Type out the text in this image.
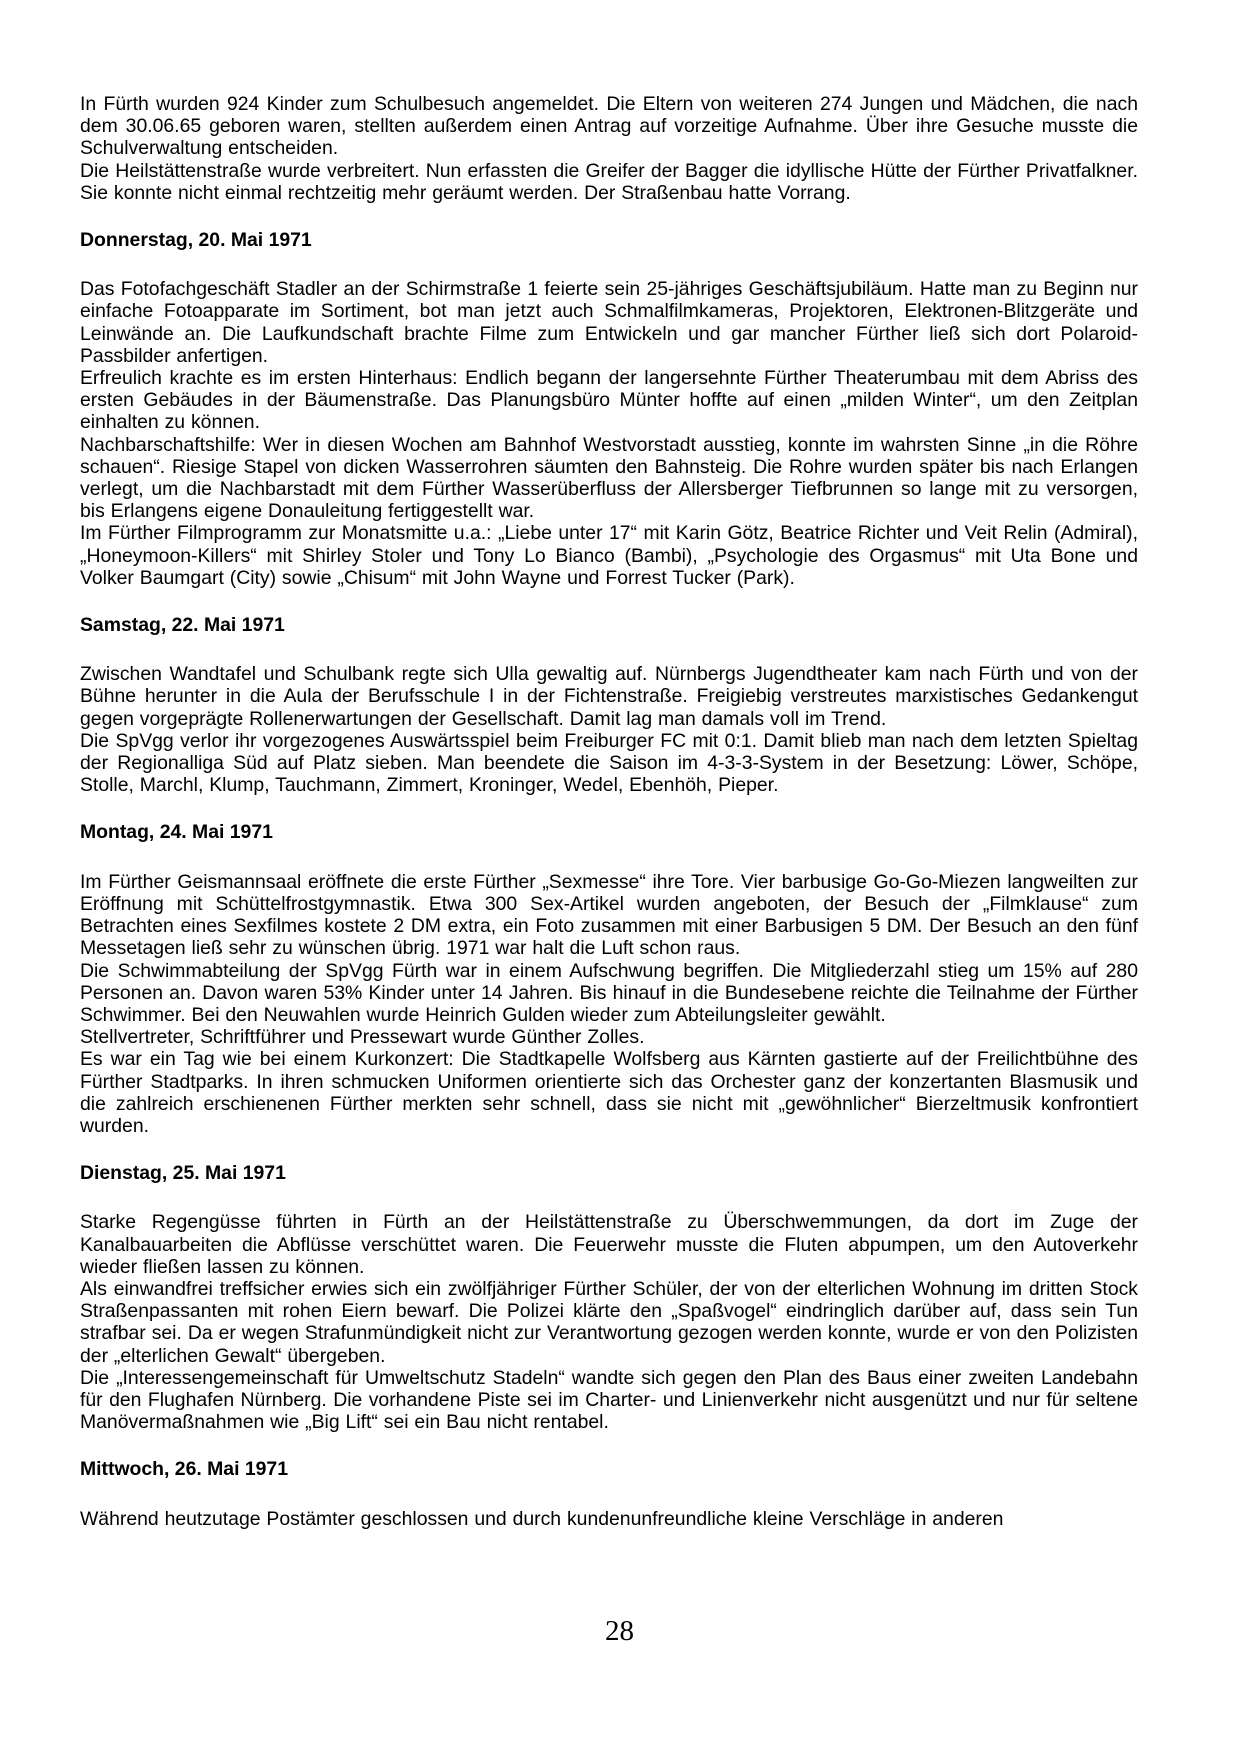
In Fürth wurden 924 Kinder zum Schulbesuch angemeldet. Die Eltern von weiteren 274 Jungen und Mädchen, die nach dem 30.06.65 geboren waren, stellten außerdem einen Antrag auf vorzeitige Aufnahme. Über ihre Gesuche musste die Schulverwaltung entscheiden.

Die Heilstättenstraße wurde verbreitert. Nun erfassten die Greifer der Bagger die idyllische Hütte der Fürther Privatfalkner. Sie konnte nicht einmal rechtzeitig mehr geräumt werden. Der Straßenbau hatte Vorrang.

Donnerstag, 20. Mai 1971

Das Fotofachgeschäft Stadler an der Schirmstraße 1 feierte sein 25-jähriges Geschäftsjubiläum. Hatte man zu Beginn nur einfache Fotoapparate im Sortiment, bot man jetzt auch Schmalfilmkameras, Projektoren, Elektronen-Blitzgeräte und Leinwände an. Die Laufkundschaft brachte Filme zum Entwickeln und gar mancher Fürther ließ sich dort Polaroid-Passbilder anfertigen.

Erfreulich krachte es im ersten Hinterhaus: Endlich begann der langersehnte Fürther Theaterumbau mit dem Abriss des ersten Gebäudes in der Bäumenstraße. Das Planungsbüro Münter hoffte auf einen „milden Winter“, um den Zeitplan einhalten zu können.

Nachbarschaftshilfe: Wer in diesen Wochen am Bahnhof Westvorstadt ausstieg, konnte im wahrsten Sinne „in die Röhre schauen“. Riesige Stapel von dicken Wasserrohren säumten den Bahnsteig. Die Rohre wurden später bis nach Erlangen verlegt, um die Nachbarstadt mit dem Fürther Wasserüberfluss der Allersberger Tiefbrunnen so lange mit zu versorgen, bis Erlangens eigene Donauleitung fertiggestellt war.

Im Fürther Filmprogramm zur Monatsmitte u.a.: „Liebe unter 17“ mit Karin Götz, Beatrice Richter und Veit Relin (Admiral), „Honeymoon-Killers“ mit Shirley Stoler und Tony Lo Bianco (Bambi), „Psychologie des Orgasmus“ mit Uta Bone und Volker Baumgart (City) sowie „Chisum“ mit John Wayne und Forrest Tucker (Park).

Samstag, 22. Mai 1971

Zwischen Wandtafel und Schulbank regte sich Ulla gewaltig auf. Nürnbergs Jugendtheater kam nach Fürth und von der Bühne herunter in die Aula der Berufsschule I in der Fichtenstraße. Freigiebig verstreutes marxistisches Gedankengut gegen vorgeprägte Rollenerwartungen der Gesellschaft. Damit lag man damals voll im Trend.

Die SpVgg verlor ihr vorgezogenes Auswärtsspiel beim Freiburger FC mit 0:1. Damit blieb man nach dem letzten Spieltag der Regionalliga Süd auf Platz sieben. Man beendete die Saison im 4-3-3-System in der Besetzung: Löwer, Schöpe, Stolle, Marchl, Klump, Tauchmann, Zimmert, Kroninger, Wedel, Ebenhöh, Pieper.

Montag, 24. Mai 1971

Im Fürther Geismannsaal eröffnete die erste Fürther „Sexmesse“ ihre Tore. Vier barbusige Go-Go-Miezen langweilten zur Eröffnung mit Schüttelfrostgymnastik. Etwa 300 Sex-Artikel wurden angeboten, der Besuch der „Filmklause“ zum Betrachten eines Sexfilmes kostete 2 DM extra, ein Foto zusammen mit einer Barbusigen 5 DM. Der Besuch an den fünf Messetagen ließ sehr zu wünschen übrig. 1971 war halt die Luft schon raus.

Die Schwimmabteilung der SpVgg Fürth war in einem Aufschwung begriffen. Die Mitgliederzahl stieg um 15% auf 280 Personen an. Davon waren 53% Kinder unter 14 Jahren. Bis hinauf in die Bundesebene reichte die Teilnahme der Fürther Schwimmer. Bei den Neuwahlen wurde Heinrich Gulden wieder zum Abteilungsleiter gewählt.

Stellvertreter, Schriftführer und Pressewart wurde Günther Zolles.

Es war ein Tag wie bei einem Kurkonzert: Die Stadtkapelle Wolfsberg aus Kärnten gastierte auf der Freilichtbühne des Fürther Stadtparks. In ihren schmucken Uniformen orientierte sich das Orchester ganz der konzertanten Blasmusik und die zahlreich erschienenen Fürther merkten sehr schnell, dass sie nicht mit „gewöhnlicher“ Bierzeltmusik konfrontiert wurden.

Dienstag, 25. Mai 1971

Starke Regengüsse führten in Fürth an der Heilstättenstraße zu Überschwemmungen, da dort im Zuge der Kanalbauarbeiten die Abflüsse verschüttet waren. Die Feuerwehr musste die Fluten abpumpen, um den Autoverkehr wieder fließen lassen zu können.

Als einwandfrei treffsicher erwies sich ein zwölfjähriger Fürther Schüler, der von der elterlichen Wohnung im dritten Stock Straßenpassanten mit rohen Eiern bewarf. Die Polizei klärte den „Spaßvogel“ eindringlich darüber auf, dass sein Tun strafbar sei. Da er wegen Strafunmündigkeit nicht zur Verantwortung gezogen werden konnte, wurde er von den Polizisten der „elterlichen Gewalt“ übergeben.

Die „Interessengemeinschaft für Umweltschutz Stadeln“ wandte sich gegen den Plan des Baus einer zweiten Landebahn für den Flughafen Nürnberg. Die vorhandene Piste sei im Charter- und Linienverkehr nicht ausgenützt und nur für seltene Manövermaßnahmen wie „Big Lift“ sei ein Bau nicht rentabel.

Mittwoch, 26. Mai 1971

Während heutzutage Postämter geschlossen und durch kundenunfreundliche kleine Verschläge in anderen

28
